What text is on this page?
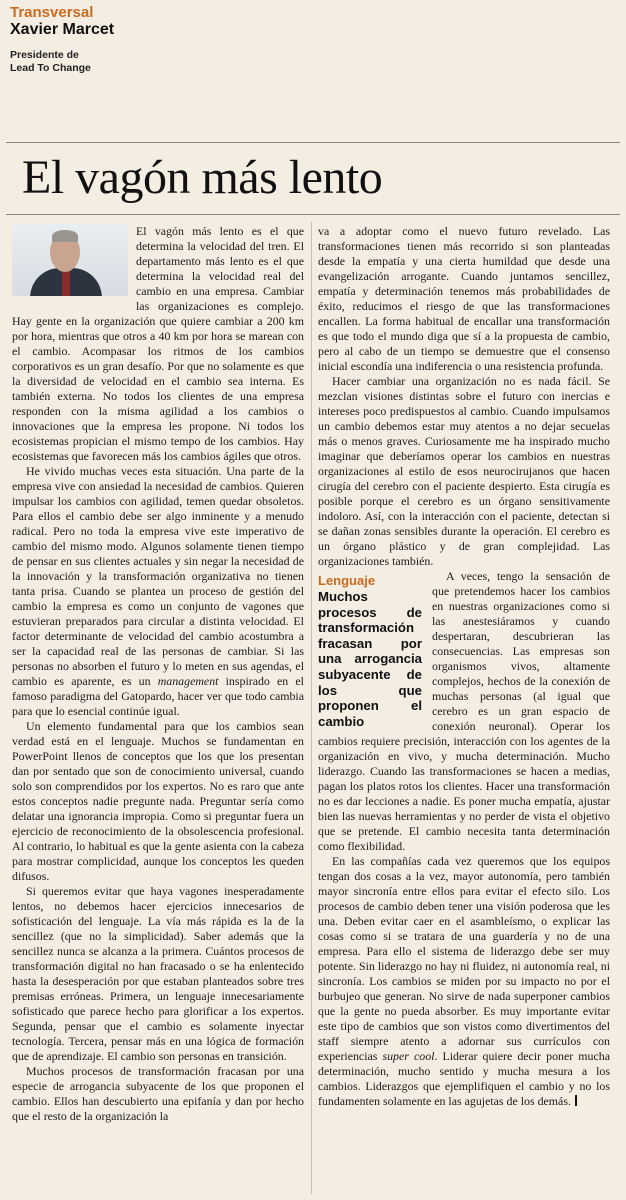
Transversal
Xavier Marcet
Presidente de
Lead To Change
El vagón más lento

El vagón más lento es el que determina la velocidad del tren. El departamento más lento es el que determina la velocidad real del cambio en una empresa. Cambiar las organizaciones es complejo. Hay gente en la organización que quiere cambiar a 200 km por hora, mientras que otros a 40 km por hora se marean con el cambio. Acompasar los ritmos de los cambios corporativos es un gran desafío. Por que no solamente es que la diversidad de velocidad en el cambio sea interna. Es también externa. No todos los clientes de una empresa responden con la misma agilidad a los cambios o innovaciones que la empresa les propone. Ni todos los ecosistemas propician el mismo tempo de los cambios. Hay ecosistemas que favorecen más los cambios ágiles que otros.

He vivido muchas veces esta situación. Una parte de la empresa vive con ansiedad la necesidad de cambios. Quieren impulsar los cambios con agilidad, temen quedar obsoletos. Para ellos el cambio debe ser algo inminente y a menudo radical. Pero no toda la empresa vive este imperativo de cambio del mismo modo. Algunos solamente tienen tiempo de pensar en sus clientes actuales y sin negar la necesidad de la innovación y la transformación organizativa no tienen tanta prisa. Cuando se plantea un proceso de gestión del cambio la empresa es como un conjunto de vagones que estuvieran preparados para circular a distinta velocidad. El factor determinante de velocidad del cambio acostumbra a ser la capacidad real de las personas de cambiar. Si las personas no absorben el futuro y lo meten en sus agendas, el cambio es aparente, es un management inspirado en el famoso paradigma del Gatopardo, hacer ver que todo cambia para que lo esencial continúe igual.

Un elemento fundamental para que los cambios sean verdad está en el lenguaje. Muchos se fundamentan en PowerPoint llenos de conceptos que los que los presentan dan por sentado que son de conocimiento universal, cuando solo son comprendidos por los expertos. No es raro que ante estos conceptos nadie pregunte nada. Preguntar sería como delatar una ignorancia impropia. Como si preguntar fuera un ejercicio de reconocimiento de la obsolescencia profesional. Al contrario, lo habitual es que la gente asienta con la cabeza para mostrar complicidad, aunque los conceptos les queden difusos.

Si queremos evitar que haya vagones inesperadamente lentos, no debemos hacer ejercicios innecesarios de sofisticación del lenguaje. La vía más rápida es la de la sencillez (que no la simplicidad). Saber además que la sencillez nunca se alcanza a la primera. Cuántos procesos de transformación digital no han fracasado o se ha enlentecido hasta la desesperación por que estaban planteados sobre tres premisas erróneas. Primera, un lenguaje innecesariamente sofisticado que parece hecho para glorificar a los expertos. Segunda, pensar que el cambio es solamente inyectar tecnología. Tercera, pensar más en una lógica de formación que de aprendizaje. El cambio son personas en transición.

Muchos procesos de transformación fracasan por una especie de arrogancia subyacente de los que proponen el cambio. Ellos han descubierto una epifanía y dan por hecho que el resto de la organización la

va a adoptar como el nuevo futuro revelado. Las transformaciones tienen más recorrido si son planteadas desde la empatía y una cierta humildad que desde una evangelización arrogante. Cuando juntamos sencillez, empatía y determinación tenemos más probabilidades de éxito, reducimos el riesgo de que las transformaciones encallen. La forma habitual de encallar una transformación es que todo el mundo diga que sí a la propuesta de cambio, pero al cabo de un tiempo se demuestre que el consenso inicial escondía una indiferencia o una resistencia profunda.

Hacer cambiar una organización no es nada fácil. Se mezclan visiones distintas sobre el futuro con inercias e intereses poco predispuestos al cambio. Cuando impulsamos un cambio debemos estar muy atentos a no dejar secuelas más o menos graves. Curiosamente me ha inspirado mucho imaginar que deberíamos operar los cambios en nuestras organizaciones al estilo de esos neurocirujanos que hacen cirugía del cerebro con el paciente despierto. Esta cirugía es posible porque el cerebro es un órgano sensitivamente indoloro. Así, con la interacción con el paciente, detectan si se dañan zonas sensibles durante la operación. El cerebro es un órgano plástico y de gran complejidad. Las organizaciones también.

Lenguaje
Muchos procesos de transformación fracasan por una arrogancia subyacente de los que proponen el cambio

A veces, tengo la sensación de que pretendemos hacer los cambios en nuestras organizaciones como si las anestesiáramos y cuando despertaran, descubrieran las consecuencias. Las empresas son organismos vivos, altamente complejos, hechos de la conexión de muchas personas (al igual que cerebro es un gran espacio de conexión neuronal). Operar los cambios requiere precisión, interacción con los agentes de la organización en vivo, y mucha determinación. Mucho liderazgo. Cuando las transformaciones se hacen a medias, pagan los platos rotos los clientes. Hacer una transformación no es dar lecciones a nadie. Es poner mucha empatía, ajustar bien las nuevas herramientas y no perder de vista el objetivo que se pretende. El cambio necesita tanta determinación como flexibilidad.

En las compañías cada vez queremos que los equipos tengan dos cosas a la vez, mayor autonomía, pero también mayor sincronía entre ellos para evitar el efecto silo. Los procesos de cambio deben tener una visión poderosa que les una. Deben evitar caer en el asambleísmo, o explicar las cosas como si se tratara de una guardería y no de una empresa. Para ello el sistema de liderazgo debe ser muy potente. Sin liderazgo no hay ni fluidez, ni autonomía real, ni sincronía. Los cambios se miden por su impacto no por el burbujeo que generan. No sirve de nada superponer cambios que la gente no pueda absorber. Es muy importante evitar este tipo de cambios que son vistos como divertimentos del staff siempre atento a adornar sus currículos con experiencias super cool. Liderar quiere decir poner mucha determinación, mucho sentido y mucha mesura a los cambios. Liderazgos que ejemplifiquen el cambio y no los fundamenten solamente en las agujetas de los demás.
